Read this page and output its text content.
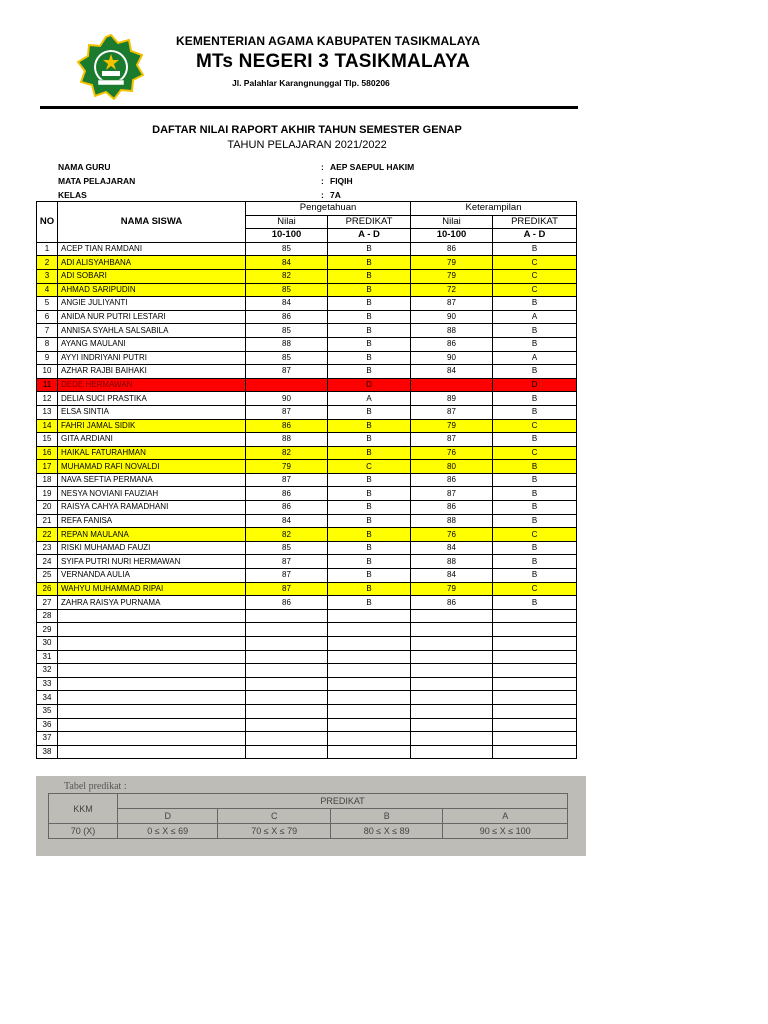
KEMENTERIAN AGAMA KABUPATEN TASIKMALAYA
MTs NEGERI 3 TASIKMALAYA
Jl. Palahlar Karangnunggal Tlp. 580206
DAFTAR NILAI RAPORT AKHIR TAHUN SEMESTER GENAP
TAHUN PELAJARAN 2021/2022
NAMA GURU	: AEP SAEPUL HAKIM
MATA PELAJARAN	: FIQIH
KELAS	: 7A
NO	NAMA SISWA	Pengetahuan		Keterampilan	
		Nilai	PREDIKAT	Nilai	PREDIKAT
		10-100	A - D	10-100	A - D
1	ACEP TIAN RAMDANI	85	B	86	B
2	ADI ALISYAHBANA	84	B	79	C
3	ADI SOBARI	82	B	79	C
4	AHMAD SARIPUDIN	85	B	72	C
5	ANGIE JULIYANTI	84	B	87	B
6	ANIDA NUR PUTRI LESTARI	86	B	90	A
7	ANNISA SYAHLA SALSABILA	85	B	88	B
8	AYANG MAULANI	88	B	86	B
9	AYYI INDRIYANI PUTRI	85	B	90	A
10	AZHAR RAJBI BAIHAKI	87	B	84	B
11	DEDE HERMAWAN		D		D
12	DELIA SUCI PRASTIKA	90	A	89	B
13	ELSA SINTIA	87	B	87	B
14	FAHRI JAMAL SIDIK	86	B	79	C
15	GITA ARDIANI	88	B	87	B
16	HAIKAL FATURAHMAN	82	B	76	C
17	MUHAMAD RAFI NOVALDI	79	C	80	B
18	NAVA SEFTIA PERMANA	87	B	86	B
19	NESYA NOVIANI FAUZIAH	86	B	87	B
20	RAISYA CAHYA RAMADHANI	86	B	86	B
21	REFA FANISA	84	B	88	B
22	REPAN MAULANA	82	B	76	C
23	RISKI MUHAMAD FAUZI	85	B	84	B
24	SYIFA PUTRI NURI HERMAWAN	87	B	88	B
25	VERNANDA AULIA	87	B	84	B
26	WAHYU MUHAMMAD RIPAI	87	B	79	C
27	ZAHRA RAISYA PURNAMA	86	B	86	B
28					
29					
30					
31					
32					
33					
34					
35					
36					
37					
38					
Tabel predikat :
KKM	PREDIKAT			
	D	C	B	A
70 (X)	0 ≤ X ≤ 69	70 ≤ X ≤ 79	80 ≤ X ≤ 89	90 ≤ X ≤ 100
